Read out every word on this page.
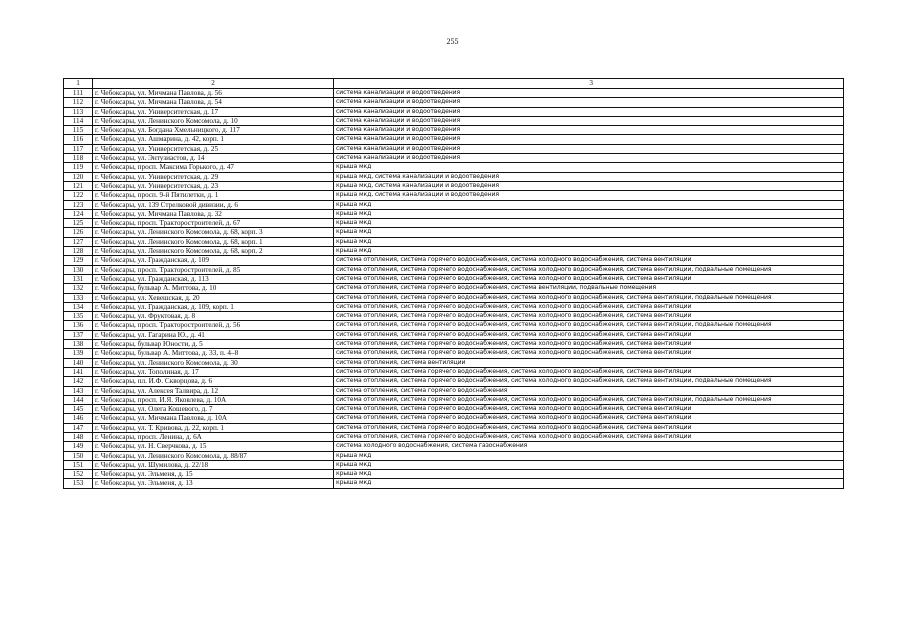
255
1	2	3
111	г. Чебоксары, ул. Мичмана Павлова, д. 56	система канализации и водоотведения
112	г. Чебоксары, ул. Мичмана Павлова, д. 54	система канализации и водоотведения
113	г. Чебоксары, ул. Университетская, д. 17	система канализации и водоотведения
114	г. Чебоксары, ул. Ленинского Комсомола, д. 10	система канализации и водоотведения
115	г. Чебоксары, ул. Богдана Хмельницкого, д. 117	система канализации и водоотведения
116	г. Чебоксары, ул. Ашмарина, д. 42, корп. 1	система канализации и водоотведения
117	г. Чебоксары, ул. Университетская, д. 25	система канализации и водоотведения
118	г. Чебоксары, ул. Энтузиастов, д. 14	система канализации и водоотведения
119	г. Чебоксары, просп. Максима Горького, д. 47	крыша мкд
120	г. Чебоксары, ул. Университетская, д. 29	крыша мкд, система канализации и водоотведения
121	г. Чебоксары, ул. Университетская, д. 23	крыша мкд, система канализации и водоотведения
122	г. Чебоксары, просп. 9-й Пятилетки, д. 1	крыша мкд, система канализации и водоотведения
123	г. Чебоксары, ул. 139 Стрелковой дивизии, д. 6	крыша мкд
124	г. Чебоксары, ул. Мичмана Павлова, д. 32	крыша мкд
125	г. Чебоксары, просп. Тракторостроителей, д. 67	крыша мкд
126	г. Чебоксары, ул. Ленинского Комсомола, д. 68, корп. 3	крыша мкд
127	г. Чебоксары, ул. Ленинского Комсомола, д. 68, корп. 1	крыша мкд
128	г. Чебоксары, ул. Ленинского Комсомола, д. 68, корп. 2	крыша мкд
129	г. Чебоксары, ул. Гражданская, д. 109	система отопления, система горячего водоснабжения, система холодного водоснабжения, система вентиляции
130	г. Чебоксары, просп. Тракторостроителей, д. 85	система отопления, система горячего водоснабжения, система холодного водоснабжения, система вентиляции, подвальные помещения
131	г. Чебоксары, ул. Гражданская, д. 113	система отопления, система горячего водоснабжения, система холодного водоснабжения, система вентиляции
132	г. Чебоксары, бульвар А. Миттова, д. 10	система отопления, система горячего водоснабжения, система вентиляции, подвальные помещения
133	г. Чебоксары, ул. Хевешская, д. 20	система отопления, система горячего водоснабжения, система холодного водоснабжения, система вентиляции, подвальные помещения
134	г. Чебоксары, ул. Гражданская, д. 109, корп. 1	система отопления, система горячего водоснабжения, система холодного водоснабжения, система вентиляции
135	г. Чебоксары, ул. Фруктовая, д. 8	система отопления, система горячего водоснабжения, система холодного водоснабжения, система вентиляции
136	г. Чебоксары, просп. Тракторостроителей, д. 56	система отопления, система горячего водоснабжения, система холодного водоснабжения, система вентиляции, подвальные помещения
137	г. Чебоксары, ул. Гагарина Ю., д. 41	система отопления, система горячего водоснабжения, система холодного водоснабжения, система вентиляции
138	г. Чебоксары, бульвар Юности, д. 5	система отопления, система горячего водоснабжения, система холодного водоснабжения, система вентиляции
139	г. Чебоксары, бульвар А. Миттова, д. 33, п. 4–8	система отопления, система горячего водоснабжения, система холодного водоснабжения, система вентиляции
140	г. Чебоксары, ул. Ленинского Комсомола, д. 30	система отопления, система вентиляции
141	г. Чебоксары, ул. Тополиная, д. 17	система отопления, система горячего водоснабжения, система холодного водоснабжения, система вентиляции
142	г. Чебоксары, пл. И.Ф. Скворцова, д. 6	система отопления, система горячего водоснабжения, система холодного водоснабжения, система вентиляции, подвальные помещения
143	г. Чебоксары, ул. Алексея Талвира, д. 12	система отопления, система горячего водоснабжения
144	г. Чебоксары, просп. И.Я. Яковлева, д. 10А	система отопления, система горячего водоснабжения, система холодного водоснабжения, система вентиляции, подвальные помещения
145	г. Чебоксары, ул. Олега Кошевого, д. 7	система отопления, система горячего водоснабжения, система холодного водоснабжения, система вентиляции
146	г. Чебоксары, ул. Мичмана Павлова, д. 10А	система отопления, система горячего водоснабжения, система холодного водоснабжения, система вентиляции
147	г. Чебоксары, ул. Т. Кривова, д. 22, корп. 1	система отопления, система горячего водоснабжения, система холодного водоснабжения, система вентиляции
148	г. Чебоксары, просп. Ленина, д. 6А	система отопления, система горячего водоснабжения, система холодного водоснабжения, система вентиляции
149	г. Чебоксары, ул. Н. Сверчкова, д. 15	система холодного водоснабжения, система газоснабжения
150	г. Чебоксары, ул. Ленинского Комсомола, д. 88/87	крыша мкд
151	г. Чебоксары, ул. Шумилова, д. 22/18	крыша мкд
152	г. Чебоксары, ул. Эльменя, д. 15	крыша мкд
153	г. Чебоксары, ул. Эльменя, д. 13	крыша мкд
